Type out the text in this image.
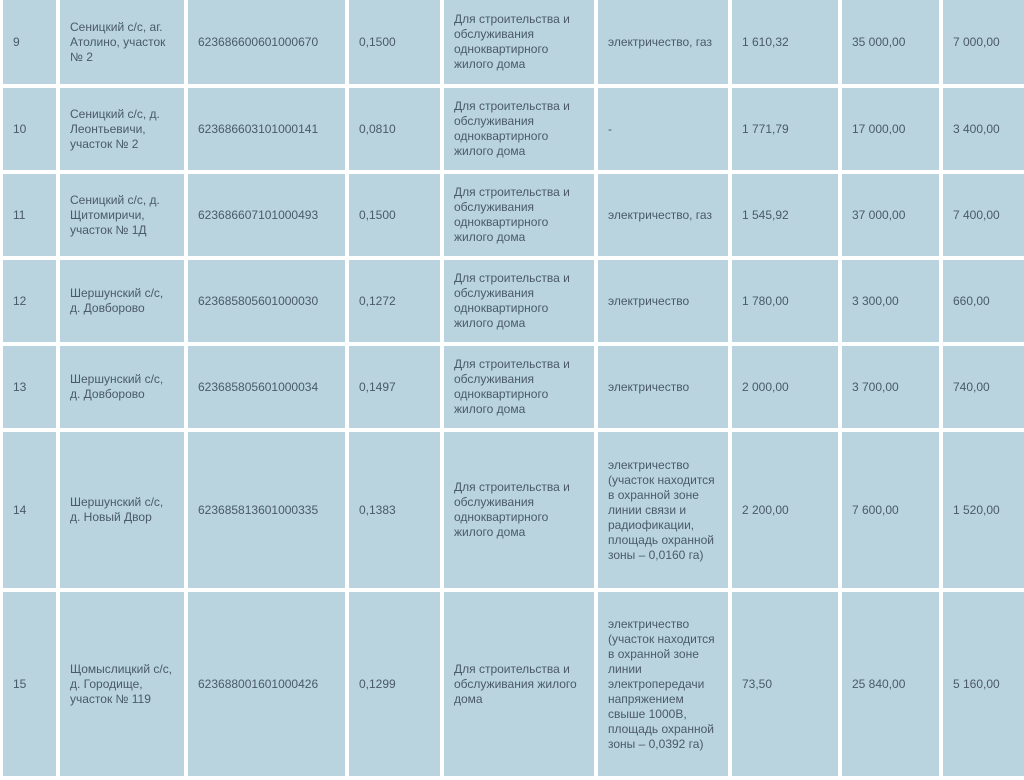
9	Сеницкий с/с, аг. Атолино, участок № 2	623686600601000670	0,1500	Для строительства и обслуживания одноквартирного жилого дома	электричество, газ	1 610,32	35 000,00	7 000,00
10	Сеницкий с/с, д. Леонтьевичи, участок № 2	623686603101000141	0,0810	Для строительства и обслуживания одноквартирного жилого дома	-	1 771,79	17 000,00	3 400,00
11	Сеницкий с/с, д. Щитомиричи, участок № 1Д	623686607101000493	0,1500	Для строительства и обслуживания одноквартирного жилого дома	электричество, газ	1 545,92	37 000,00	7 400,00
12	Шершунский с/с, д. Довборово	623685805601000030	0,1272	Для строительства и обслуживания одноквартирного жилого дома	электричество	1 780,00	3 300,00	660,00
13	Шершунский с/с, д. Довборово	623685805601000034	0,1497	Для строительства и обслуживания одноквартирного жилого дома	электричество	2 000,00	3 700,00	740,00
14	Шершунский с/с, д. Новый Двор	623685813601000335	0,1383	Для строительства и обслуживания одноквартирного жилого дома	электричество (участок находится в охранной зоне линии связи и радиофикации, площадь охранной зоны – 0,0160 га)	2 200,00	7 600,00	1 520,00
15	Щомыслицкий с/с, д. Городище, участок № 119	623688001601000426	0,1299	Для строительства и обслуживания жилого дома	электричество (участок находится в охранной зоне линии электропередачи напряжением свыше 1000В, площадь охранной зоны – 0,0392 га)	73,50	25 840,00	5 160,00
